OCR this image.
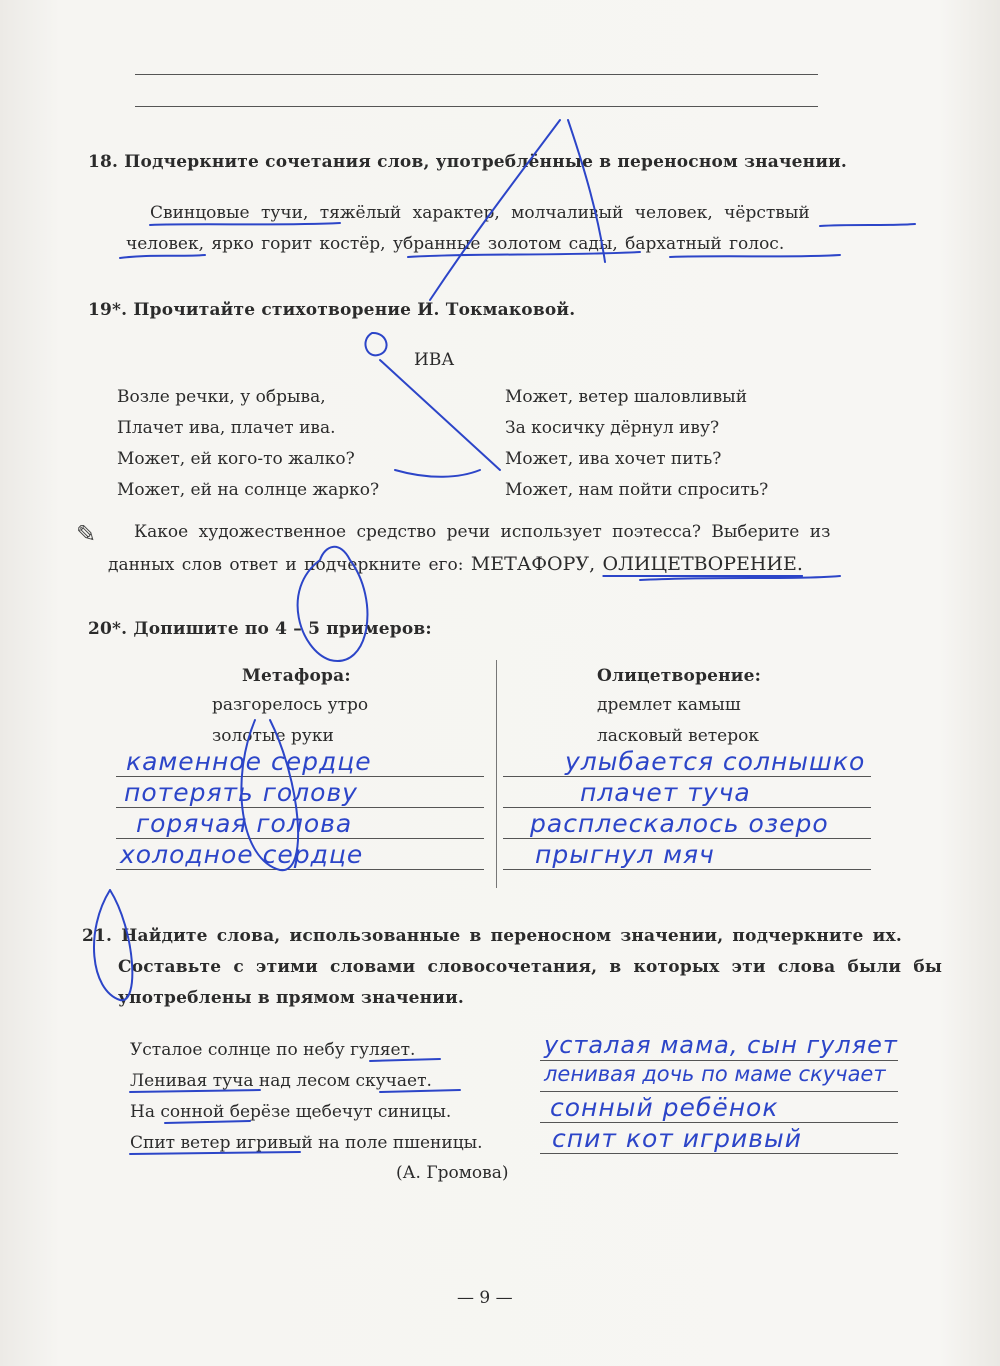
18. Подчеркните сочетания слов, употреблённые в переносном значении.
Свинцовые тучи, тяжёлый характер, молчаливый человек, чёрствый
человек, ярко горит костёр, убранные золотом сады, бархатный голос.
19*. Прочитайте стихотворение И. Токмаковой.
ИВА
Возле речки, у обрыва,
Плачет ива, плачет ива.
Может, ей кого-то жалко?
Может, ей на солнце жарко?
Может, ветер шаловливый
За косичку дёрнул иву?
Может, ива хочет пить?
Может, нам пойти спросить?
✎ Какое художественное средство речи использует поэтесса? Выберите из
данных слов ответ и подчеркните его: МЕТАФОРУ, ОЛИЦЕТВОРЕНИЕ.
20*. Допишите по 4 – 5 примеров:
Метафора:
разгорелось утро
золотые руки
Олицетворение:
дремлет камыш
ласковый ветерок
каменное сердце
потерять голову
горячая голова
холодное сердце
улыбается солнышко
плачет туча
расплескалось озеро
прыгнул мяч
21. Найдите слова, использованные в переносном значении, подчеркните их.
Составьте с этими словами словосочетания, в которых эти слова были бы
употреблены в прямом значении.
Усталое солнце по небу гуляет.
Ленивая туча над лесом скучает.
На сонной берёзе щебечут синицы.
Спит ветер игривый на поле пшеницы.
(А. Громова)
усталая мама, сын гуляет
ленивая дочь по маме скучает
сонный ребёнок
спит кот игривый
— 9 —
